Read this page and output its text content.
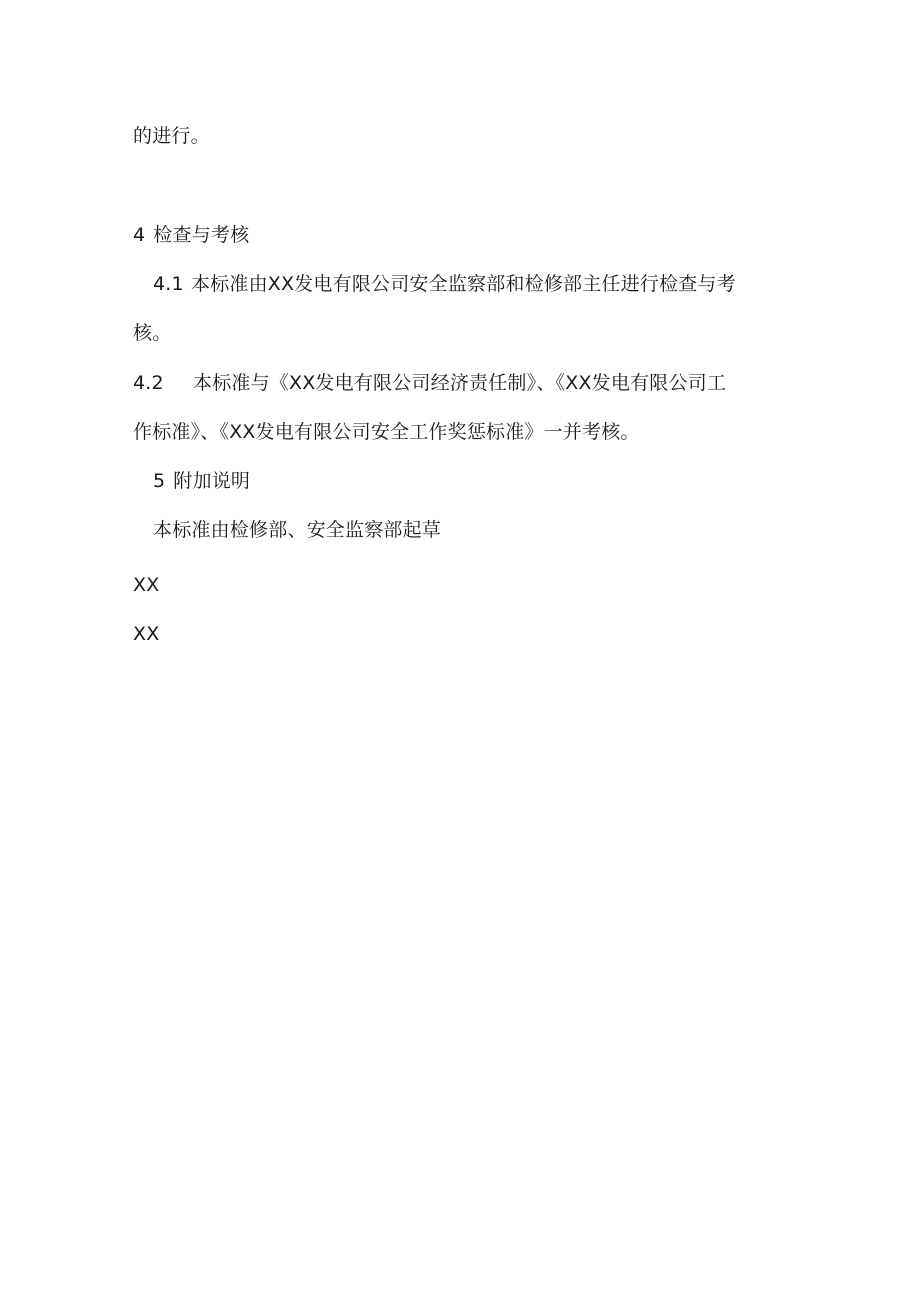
的进行。
4 检查与考核
4.1 本标准由XX发电有限公司安全监察部和检修部主任进行检查与考
核。
4.2 本标准与《XX发电有限公司经济责任制》、《XX发电有限公司工
作标准》、《XX发电有限公司安全工作奖惩标准》一并考核。
5 附加说明
本标准由检修部、安全监察部起草
XX
XX
